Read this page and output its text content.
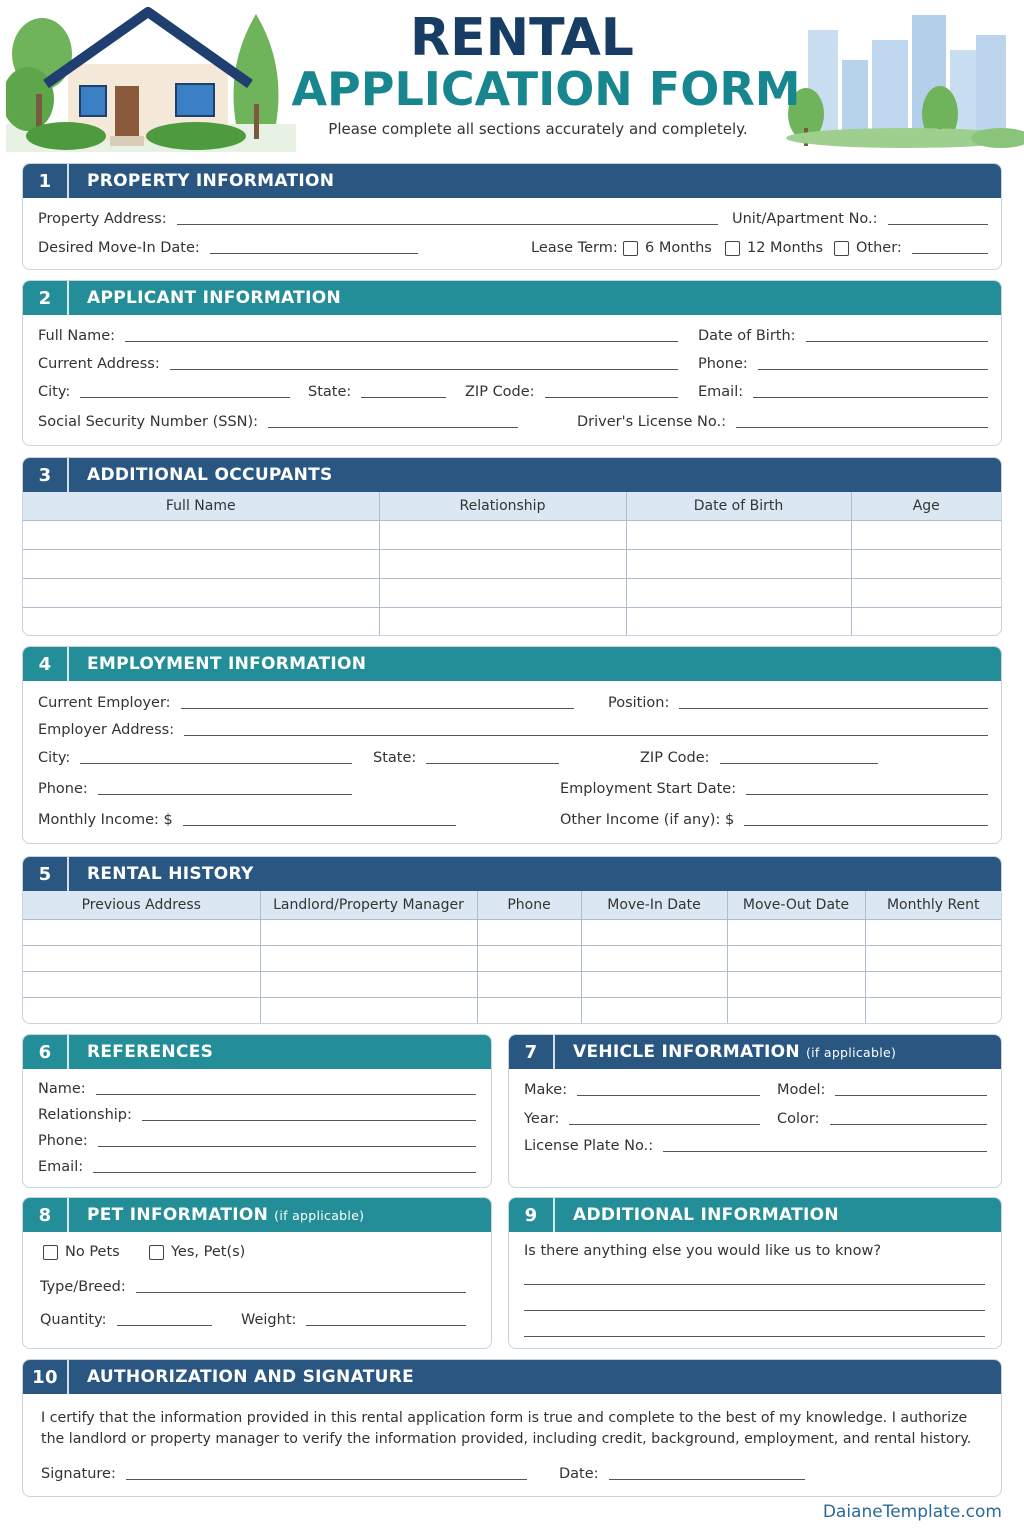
RENTAL
APPLICATION FORM
Please complete all sections accurately and completely.
1	PROPERTY INFORMATION
Property Address:	Unit/Apartment No.:
Desired Move-In Date:	Lease Term: 6 Months 12 Months Other:
2	APPLICANT INFORMATION
Full Name:	Date of Birth:
Current Address:	Phone:
City:	State:	ZIP Code:	Email:
Social Security Number (SSN):	Driver's License No.:
3	ADDITIONAL OCCUPANTS
Full Name	Relationship	Date of Birth	Age

4	EMPLOYMENT INFORMATION
Current Employer:	Position:
Employer Address:
City:	State:	ZIP Code:
Phone:	Employment Start Date:
Monthly Income: $	Other Income (if any): $
5	RENTAL HISTORY
Previous Address	Landlord/Property Manager	Phone	Move-In Date	Move-Out Date	Monthly Rent

6	REFERENCES
Name:
Relationship:
Phone:
Email:
7	VEHICLE INFORMATION (if applicable)
Make:	Model:
Year:	Color:
License Plate No.:
8	PET INFORMATION (if applicable)
No Pets	Yes, Pet(s)
Type/Breed:
Quantity:	Weight:
9	ADDITIONAL INFORMATION
Is there anything else you would like us to know?
10	AUTHORIZATION AND SIGNATURE
I certify that the information provided in this rental application form is true and complete to the best of my knowledge. I authorize the landlord or property manager to verify the information provided, including credit, background, employment, and rental history.
Signature:	Date:
DaianeTemplate.com
